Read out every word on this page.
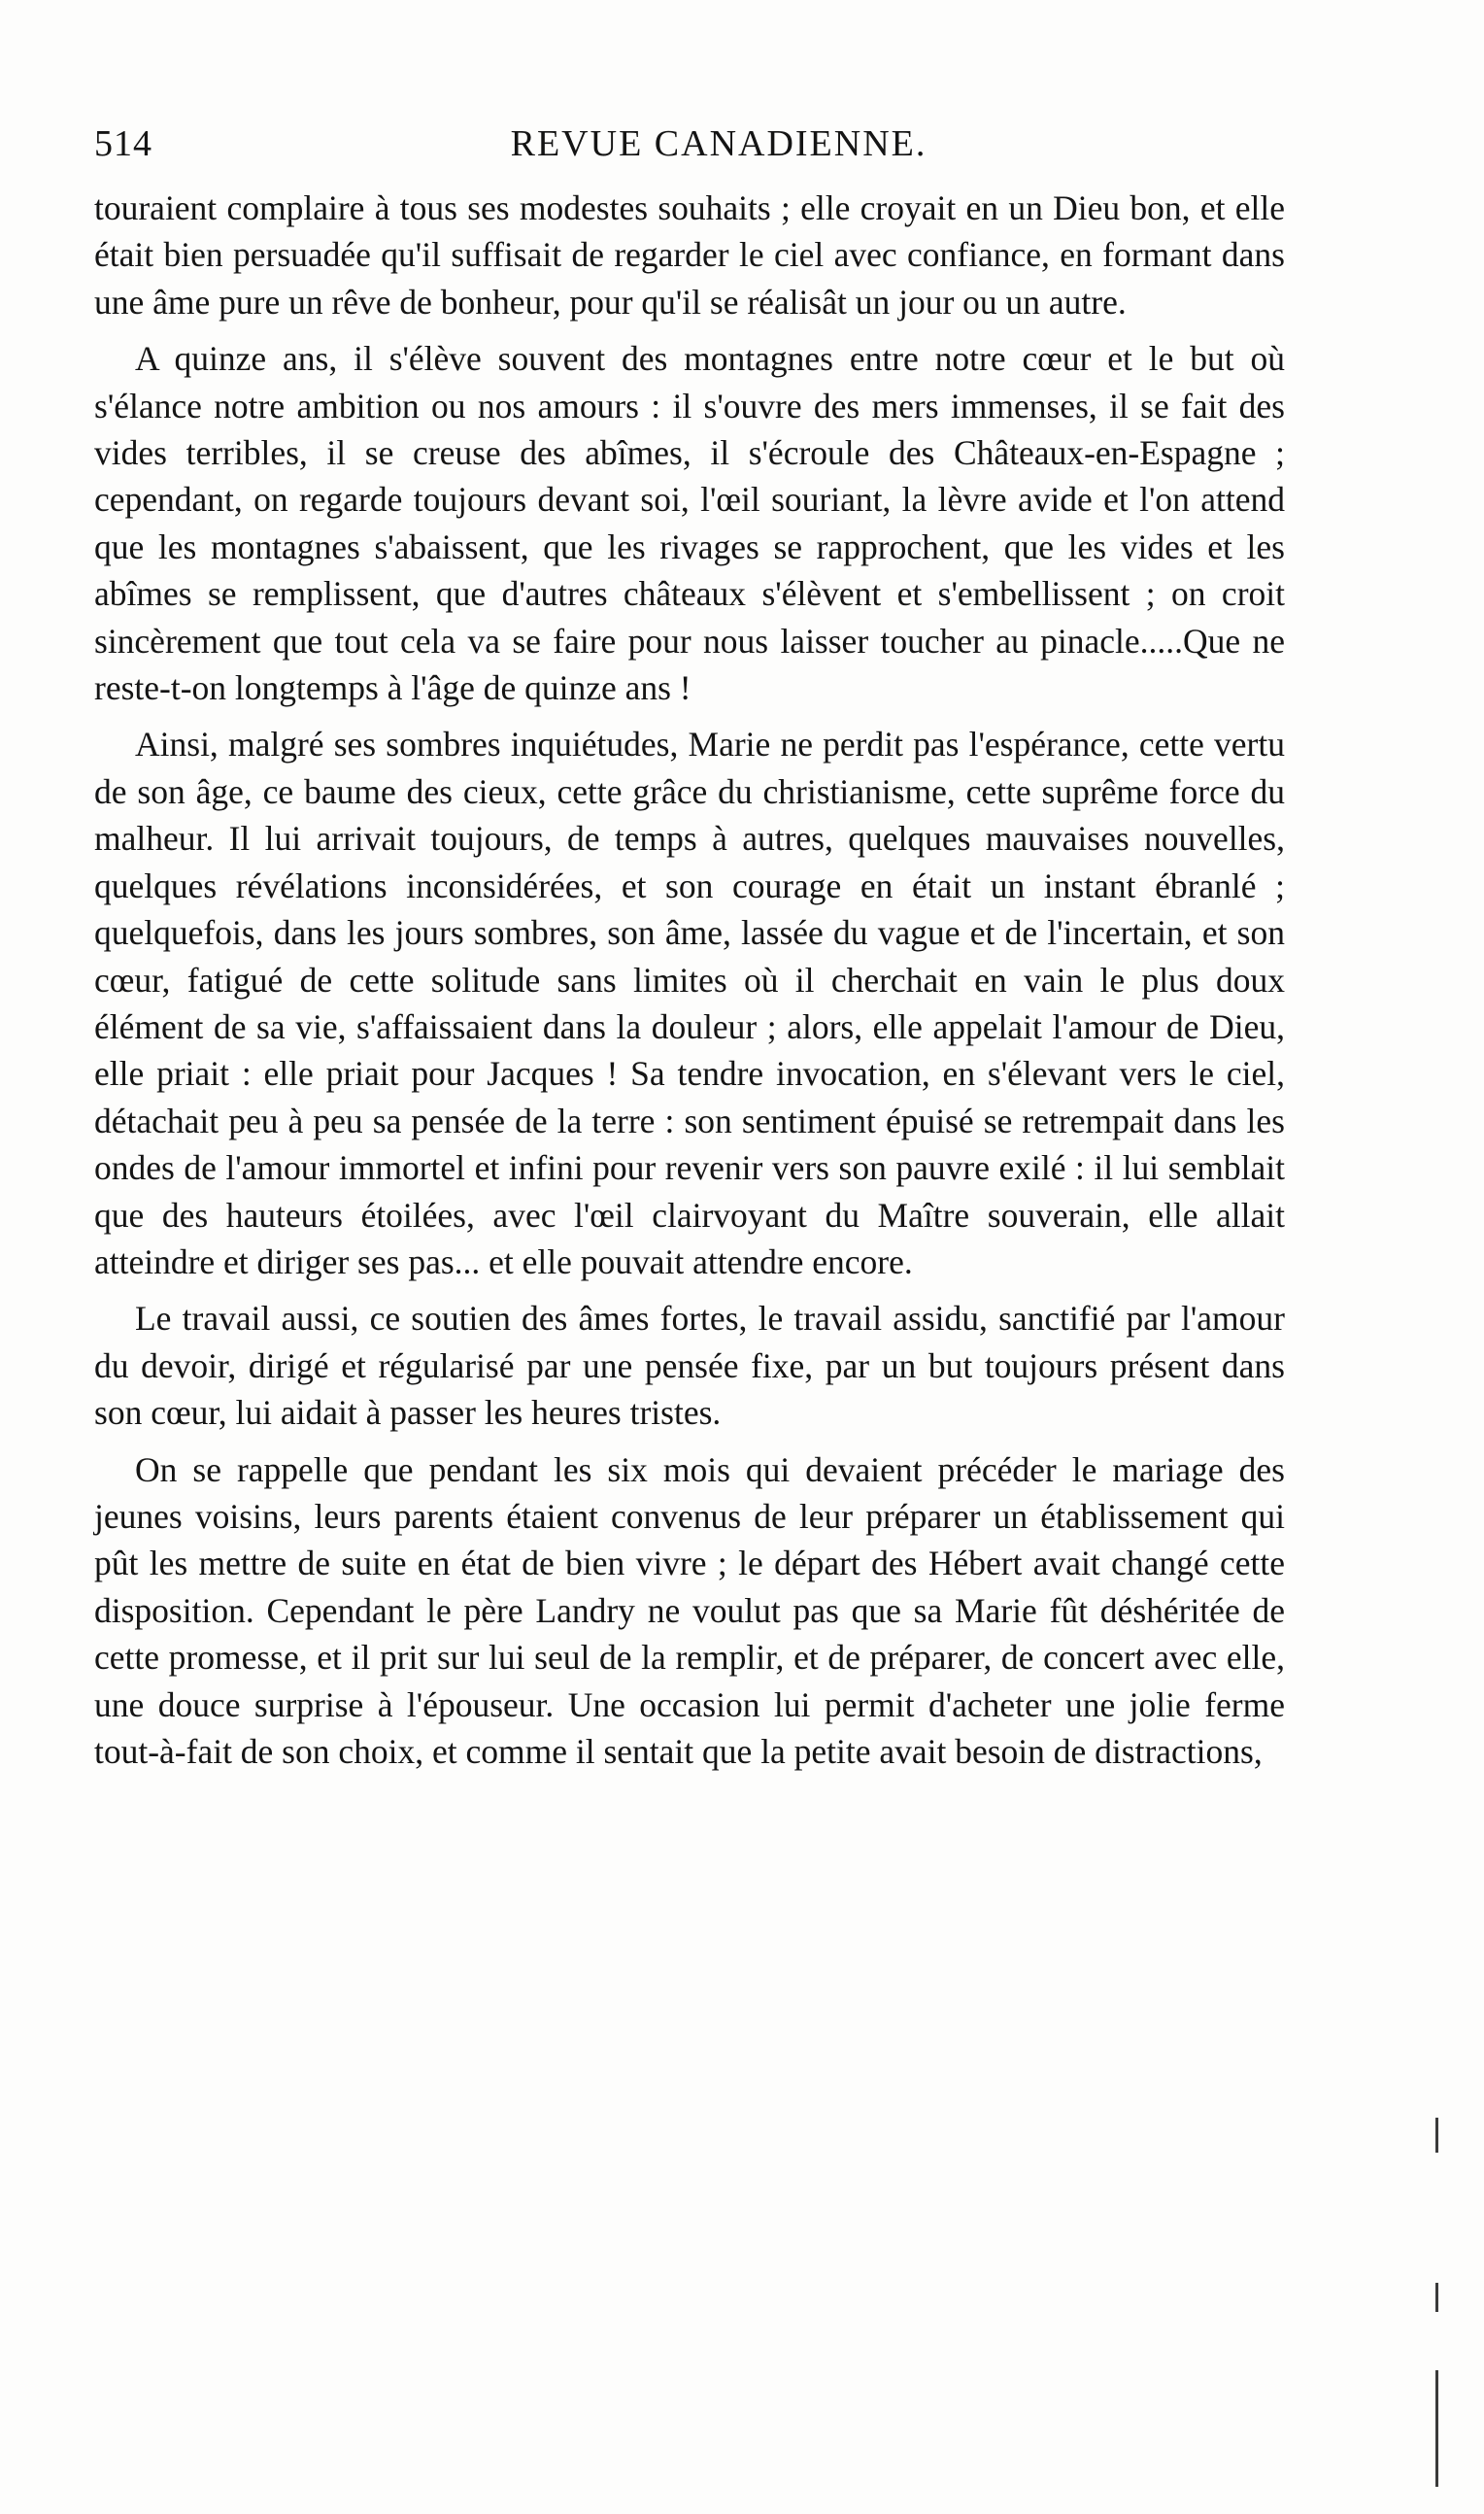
514	REVUE CANADIENNE.

touraient complaire à tous ses modestes souhaits ; elle croyait en un Dieu bon, et elle était bien persuadée qu'il suffisait de regarder le ciel avec confiance, en formant dans une âme pure un rêve de bonheur, pour qu'il se réalisât un jour ou un autre.

A quinze ans, il s'élève souvent des montagnes entre notre cœur et le but où s'élance notre ambition ou nos amours : il s'ouvre des mers immenses, il se fait des vides terribles, il se creuse des abîmes, il s'écroule des Châteaux-en-Espagne ; cependant, on regarde toujours devant soi, l'œil souriant, la lèvre avide et l'on attend que les montagnes s'abaissent, que les rivages se rapprochent, que les vides et les abîmes se remplissent, que d'autres châteaux s'élèvent et s'embellissent ; on croit sincèrement que tout cela va se faire pour nous laisser toucher au pinacle.....Que ne reste-t-on longtemps à l'âge de quinze ans !

Ainsi, malgré ses sombres inquiétudes, Marie ne perdit pas l'espérance, cette vertu de son âge, ce baume des cieux, cette grâce du christianisme, cette suprême force du malheur. Il lui arrivait toujours, de temps à autres, quelques mauvaises nouvelles, quelques révélations inconsidérées, et son courage en était un instant ébranlé ; quelquefois, dans les jours sombres, son âme, lassée du vague et de l'incertain, et son cœur, fatigué de cette solitude sans limites où il cherchait en vain le plus doux élément de sa vie, s'affaissaient dans la douleur ; alors, elle appelait l'amour de Dieu, elle priait : elle priait pour Jacques ! Sa tendre invocation, en s'élevant vers le ciel, détachait peu à peu sa pensée de la terre : son sentiment épuisé se retrempait dans les ondes de l'amour immortel et infini pour revenir vers son pauvre exilé : il lui semblait que des hauteurs étoilées, avec l'œil clairvoyant du Maître souverain, elle allait atteindre et diriger ses pas... et elle pouvait attendre encore.

Le travail aussi, ce soutien des âmes fortes, le travail assidu, sanctifié par l'amour du devoir, dirigé et régularisé par une pensée fixe, par un but toujours présent dans son cœur, lui aidait à passer les heures tristes.

On se rappelle que pendant les six mois qui devaient précéder le mariage des jeunes voisins, leurs parents étaient convenus de leur préparer un établissement qui pût les mettre de suite en état de bien vivre ; le départ des Hébert avait changé cette disposition. Cependant le père Landry ne voulut pas que sa Marie fût déshéritée de cette promesse, et il prit sur lui seul de la remplir, et de préparer, de concert avec elle, une douce surprise à l'épouseur. Une occasion lui permit d'acheter une jolie ferme tout-à-fait de son choix, et comme il sentait que la petite avait besoin de distractions,
